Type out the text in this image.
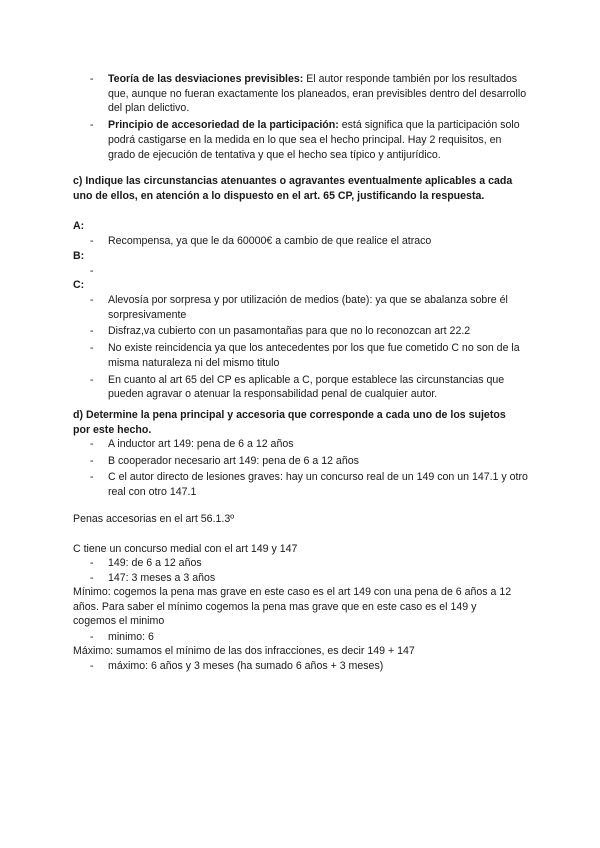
- Teoría de las desviaciones previsibles: El autor responde también por los resultados que, aunque no fueran exactamente los planeados, eran previsibles dentro del desarrollo del plan delictivo.
- Principio de accesoriedad de la participación: está significa que la participación solo podrá castigarse en la medida en lo que sea el hecho principal. Hay 2 requisitos, en grado de ejecución de tentativa y que el hecho sea típico y antijurídico.
c) Indique las circunstancias atenuantes o agravantes eventualmente aplicables a cada uno de ellos, en atención a lo dispuesto en el art. 65 CP, justificando la respuesta.
A:
- Recompensa, ya que le da 60000€ a cambio de que realice el atraco
B:
-

C:
- Alevosía por sorpresa y por utilización de medios (bate): ya que se abalanza sobre él sorpresivamente
- Disfraz,va cubierto con un pasamontañas para que no lo reconozcan art 22.2
- No existe reincidencia ya que los antecedentes por los que fue cometido C no son de la misma naturaleza ni del mismo titulo
- En cuanto al art 65 del CP es aplicable a C, porque establece las circunstancias que pueden agravar o atenuar la responsabilidad penal de cualquier autor.
d) Determine la pena principal y accesoria que corresponde a cada uno de los sujetos por este hecho.
- A inductor art 149: pena de 6 a 12 años
- B cooperador necesario art 149: pena de 6 a 12 años
- C el autor directo de lesiones graves: hay un concurso real de un 149 con un 147.1 y otro real con otro 147.1
Penas accesorias en el art 56.1.3º
C tiene un concurso medial con el art 149 y 147
- 149: de 6 a 12 años
- 147: 3 meses a 3 años
Mínimo: cogemos la pena mas grave en este caso es el art 149 con una pena de 6 años a 12 años. Para saber el mínimo cogemos la pena mas grave que en este caso es el 149 y cogemos el minimo
- minimo: 6
Máximo: sumamos el mínimo de las dos infracciones, es decir 149 + 147
- máximo: 6 años y 3 meses (ha sumado 6 años + 3 meses)
